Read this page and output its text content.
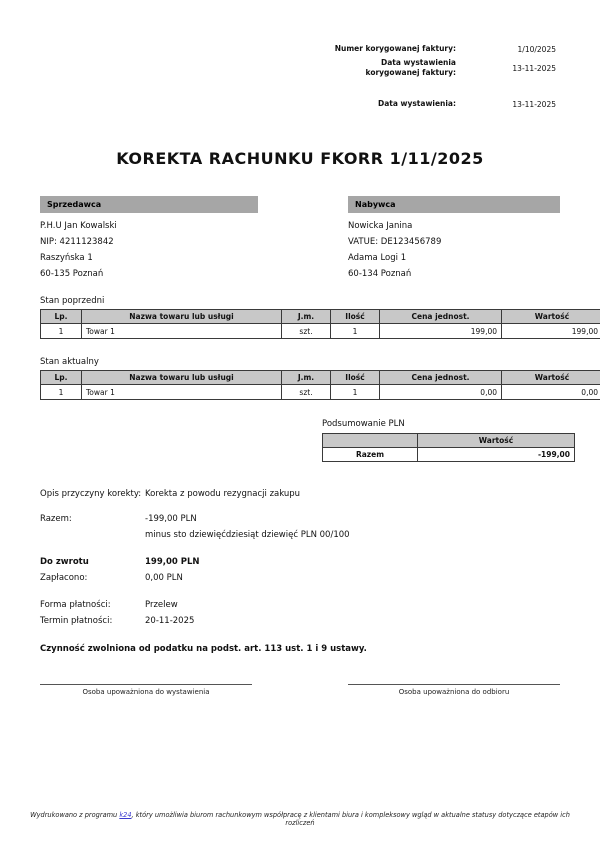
Numer korygowanej faktury:	1/10/2025
Data wystawienia korygowanej faktury:	13-11-2025
Data wystawienia:	13-11-2025
KOREKTA RACHUNKU FKORR 1/11/2025
Sprzedawca
P.H.U Jan Kowalski
NIP: 4211123842
Raszyńska 1
60-135 Poznań
Nabywca
Nowicka Janina
VATUE: DE123456789
Adama Logi 1
60-134 Poznań
Stan poprzedni
Lp.	Nazwa towaru lub usługi	J.m.	Ilość	Cena jednost.	Wartość
1	Towar 1	szt.	1	199,00	199,00
Stan aktualny
Lp.	Nazwa towaru lub usługi	J.m.	Ilość	Cena jednost.	Wartość
1	Towar 1	szt.	1	0,00	0,00
Podsumowanie PLN
	Wartość
Razem	-199,00
Opis przyczyny korekty: Korekta z powodu rezygnacji zakupu
Razem:	-199,00 PLN
minus sto dziewięćdziesiąt dziewięć PLN 00/100
Do zwrotu	199,00 PLN
Zapłacono:	0,00 PLN
Forma płatności:	Przelew
Termin płatności:	20-11-2025
Czynność zwolniona od podatku na podst. art. 113 ust. 1 i 9 ustawy.
Osoba upoważniona do wystawienia	Osoba upoważniona do odbioru
Wydrukowano z programu k24, który umożliwia biurom rachunkowym współpracę z klientami biura i kompleksowy wgląd w aktualne statusy dotyczące etapów ich rozliczeń
